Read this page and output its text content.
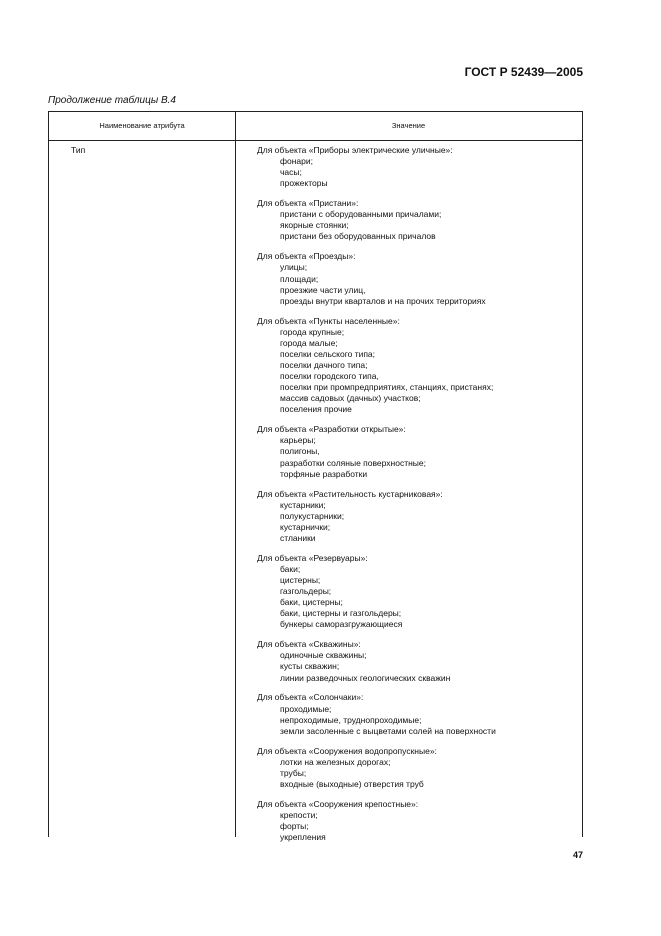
ГОСТ Р 52439—2005
Продолжение таблицы В.4
Наименование атрибута	Значение
Тип	Для объекта «Приборы электрические уличные»:
фонари;
часы;
прожекторы
Для объекта «Пристани»:
пристани с оборудованными причалами;
якорные стоянки;
пристани без оборудованных причалов
Для объекта «Проезды»:
улицы;
площади;
проезжие части улиц,
проезды внутри кварталов и на прочих территориях
Для объекта «Пункты населенные»:
города крупные;
города малые;
поселки сельского типа;
поселки дачного типа;
поселки городского типа,
поселки при промпредприятиях, станциях, пристанях;
массив садовых (дачных) участков;
поселения прочие
Для объекта «Разработки открытые»:
карьеры;
полигоны,
разработки соляные поверхностные;
торфяные разработки
Для объекта «Растительность кустарниковая»:
кустарники;
полукустарники;
кустарнички;
стланики
Для объекта «Резервуары»:
баки;
цистерны;
газгольдеры;
баки, цистерны;
баки, цистерны и газгольдеры;
бункеры саморазгружающиеся
Для объекта «Скважины»:
одиночные скважины;
кусты скважин;
линии разведочных геологических скважин
Для объекта «Солончаки»:
проходимые;
непроходимые, труднопроходимые;
земли засоленные с выцветами солей на поверхности
Для объекта «Сооружения водопропускные»:
лотки на железных дорогах;
трубы;
входные (выходные) отверстия труб
Для объекта «Сооружения крепостные»:
крепости;
форты;
укрепления
47
